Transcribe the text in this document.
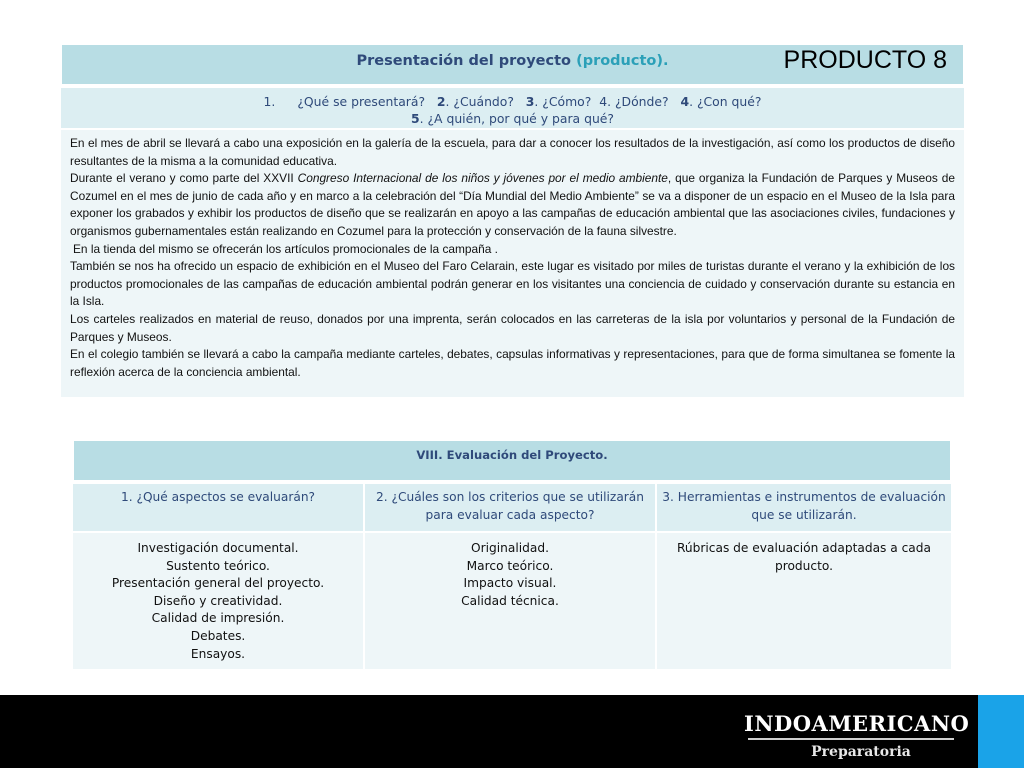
Presentación del proyecto (producto).	PRODUCTO 8
1. ¿Qué se presentará? 2. ¿Cuándo? 3. ¿Cómo? 4. ¿Dónde? 4. ¿Con qué?
5. ¿A quién, por qué y para qué?

En el mes de abril se llevará a cabo una exposición en la galería de la escuela, para dar a conocer los resultados de la investigación, así como los productos de diseño resultantes de la misma a la comunidad educativa.

Durante el verano y como parte del XXVII Congreso Internacional de los niños y jóvenes por el medio ambiente, que organiza la Fundación de Parques y Museos de Cozumel en el mes de junio de cada año y en marco a la celebración del “Día Mundial del Medio Ambiente” se va a disponer de un espacio en el Museo de la Isla para exponer los grabados y exhibir los productos de diseño que se realizarán en apoyo a las campañas de educación ambiental que las asociaciones civiles, fundaciones y organismos gubernamentales están realizando en Cozumel para la protección y conservación de la fauna silvestre.

En la tienda del mismo se ofrecerán los artículos promocionales de la campaña .

También se nos ha ofrecido un espacio de exhibición en el Museo del Faro Celarain, este lugar es visitado por miles de turistas durante el verano y la exhibición de los productos promocionales de las campañas de educación ambiental podrán generar en los visitantes una conciencia de cuidado y conservación durante su estancia en la Isla.

Los carteles realizados en material de reuso, donados por una imprenta, serán colocados en las carreteras de la isla por voluntarios y personal de la Fundación de Parques y Museos.

En el colegio también se llevará a cabo la campaña mediante carteles, debates, capsulas informativas y representaciones, para que de forma simultanea se fomente la reflexión acerca de la conciencia ambiental.

VIII. Evaluación del Proyecto.
1. ¿Qué aspectos se evaluarán?	2. ¿Cuáles son los criterios que se utilizarán para evaluar cada aspecto?
3. Herramientas e instrumentos de evaluación que se utilizarán.
Investigación documental.
Sustento teórico.
Presentación general del proyecto.
Diseño y creatividad.
Calidad de impresión.
Debates.
Ensayos.
Originalidad.
Marco teórico.
Impacto visual.
Calidad técnica.
Rúbricas de evaluación adaptadas a cada producto.
INDOAMERICANO
Preparatoria
